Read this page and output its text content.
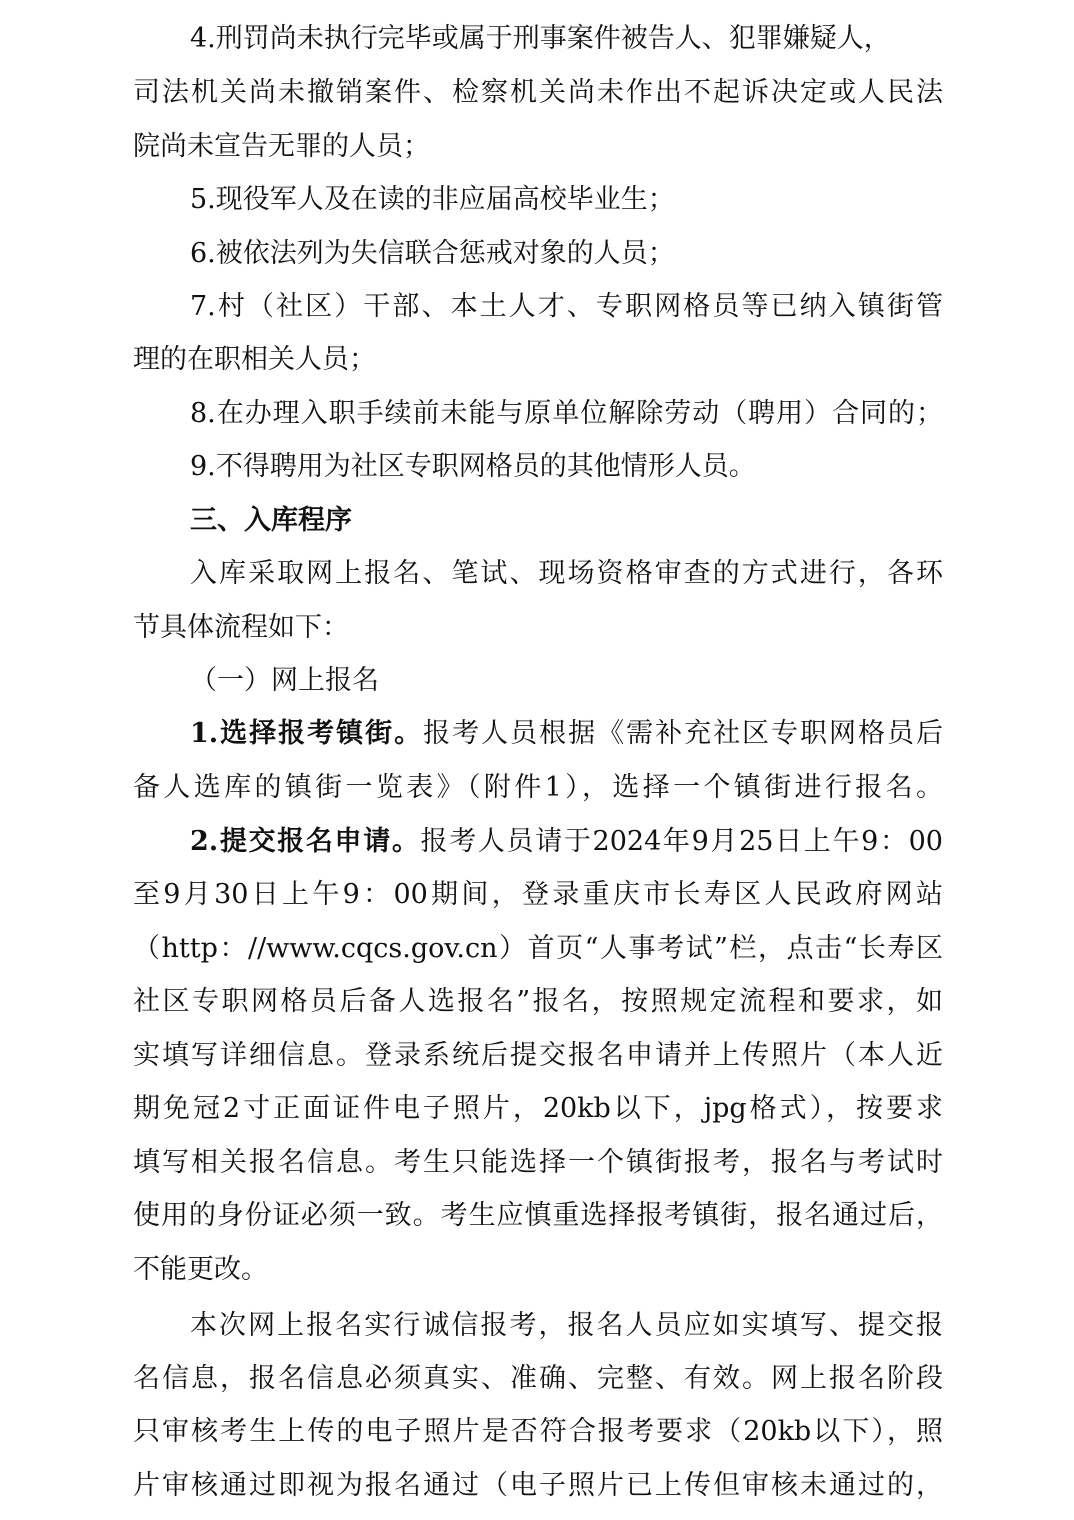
4.刑罚尚未执行完毕或属于刑事案件被告人、犯罪嫌疑人，
司法机关尚未撤销案件、检察机关尚未作出不起诉决定或人民法
院尚未宣告无罪的人员；
5.现役军人及在读的非应届高校毕业生；
6.被依法列为失信联合惩戒对象的人员；
7.村（社区）干部、本土人才、专职网格员等已纳入镇街管
理的在职相关人员；
8.在办理入职手续前未能与原单位解除劳动（聘用）合同的；
9.不得聘用为社区专职网格员的其他情形人员。
三、入库程序
入库采取网上报名、笔试、现场资格审查的方式进行，各环
节具体流程如下：
（一）网上报名
1.选择报考镇街。报考人员根据《需补充社区专职网格员后
备人选库的镇街一览表》（附件1），选择一个镇街进行报名。
2.提交报名申请。报考人员请于2024年9月25日上午9：00
至9月30日上午9：00期间，登录重庆市长寿区人民政府网站
（http：//www.cqcs.gov.cn）首页“人事考试”栏，点击“长寿区
社区专职网格员后备人选报名”报名，按照规定流程和要求，如
实填写详细信息。登录系统后提交报名申请并上传照片（本人近
期免冠2寸正面证件电子照片，20kb以下，jpg格式），按要求
填写相关报名信息。考生只能选择一个镇街报考，报名与考试时
使用的身份证必须一致。考生应慎重选择报考镇街，报名通过后，
不能更改。
本次网上报名实行诚信报考，报名人员应如实填写、提交报
名信息，报名信息必须真实、准确、完整、有效。网上报名阶段
只审核考生上传的电子照片是否符合报考要求（20kb以下），照
片审核通过即视为报名通过（电子照片已上传但审核未通过的，
